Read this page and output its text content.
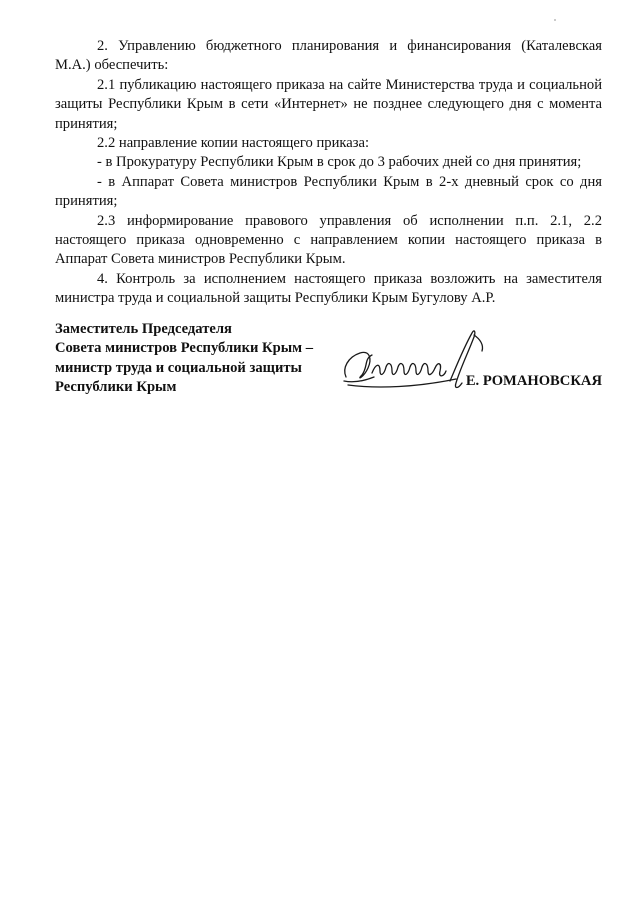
2. Управлению бюджетного планирования и финансирования (Каталевская М.А.) обеспечить:

2.1 публикацию настоящего приказа на сайте Министерства труда и социальной защиты Республики Крым в сети «Интернет» не позднее следующего дня с момента принятия;

2.2 направление копии настоящего приказа:

- в Прокуратуру Республики Крым в срок до 3 рабочих дней со дня принятия;

- в Аппарат Совета министров Республики Крым в 2-х дневный срок со дня принятия;

2.3 информирование правового управления об исполнении п.п. 2.1, 2.2 настоящего приказа одновременно с направлением копии настоящего приказа в Аппарат Совета министров Республики Крым.

4. Контроль за исполнением настоящего приказа возложить на заместителя министра труда и социальной защиты Республики Крым Бугулову А.Р.

Заместитель Председателя
Совета министров Республики Крым –
министр труда и социальной защиты
Республики Крым	Е. РОМАНОВСКАЯ
